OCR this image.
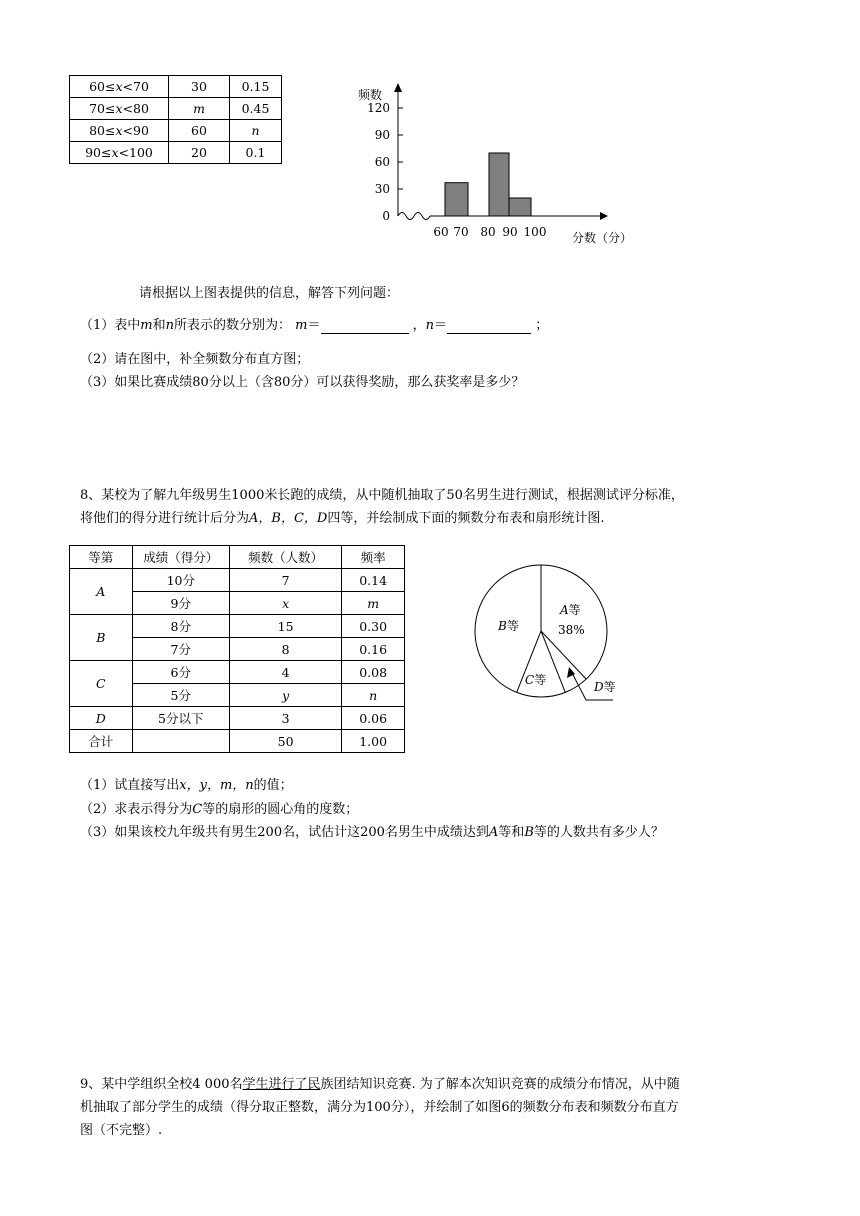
60≤x<70	30	0.15
70≤x<80	m	0.45
80≤x<90	60	n
90≤x<100	20	0.1
频数
0
30
60
90
120
60 70 80 90 100 分数（分）
请根据以上图表提供的信息，解答下列问题：
（1）表中m和n所表示的数分别为： m＝	，n＝	；
（2）请在图中，补全频数分布直方图；
（3）如果比赛成绩80分以上（含80分）可以获得奖励，那么获奖率是多少？
8、某校为了解九年级男生1000米长跑的成绩，从中随机抽取了50名男生进行测试，根据测试评分标准，
将他们的得分进行统计后分为A，B，C，D四等，并绘制成下面的频数分布表和扇形统计图.
等第	成绩（得分）	频数（人数）	频率
A	10分	7	0.14
	9分	x	m
B	8分	15	0.30
	7分	8	0.16
C	6分	4	0.08
	5分	y	n
D	5分以下	3	0.06
合计		50	1.00
A等
38%
B等
C等	D等
（1）试直接写出x，y，m，n的值；
（2）求表示得分为C等的扇形的圆心角的度数；
（3）如果该校九年级共有男生200名，试估计这200名男生中成绩达到A等和B等的人数共有多少人？
9、某中学组织全校4 000名学生进行了民族团结知识竞赛. 为了解本次知识竞赛的成绩分布情况，从中随
机抽取了部分学生的成绩（得分取正整数，满分为100分），并绘制了如图6的频数分布表和频数分布直方
图（不完整）.
